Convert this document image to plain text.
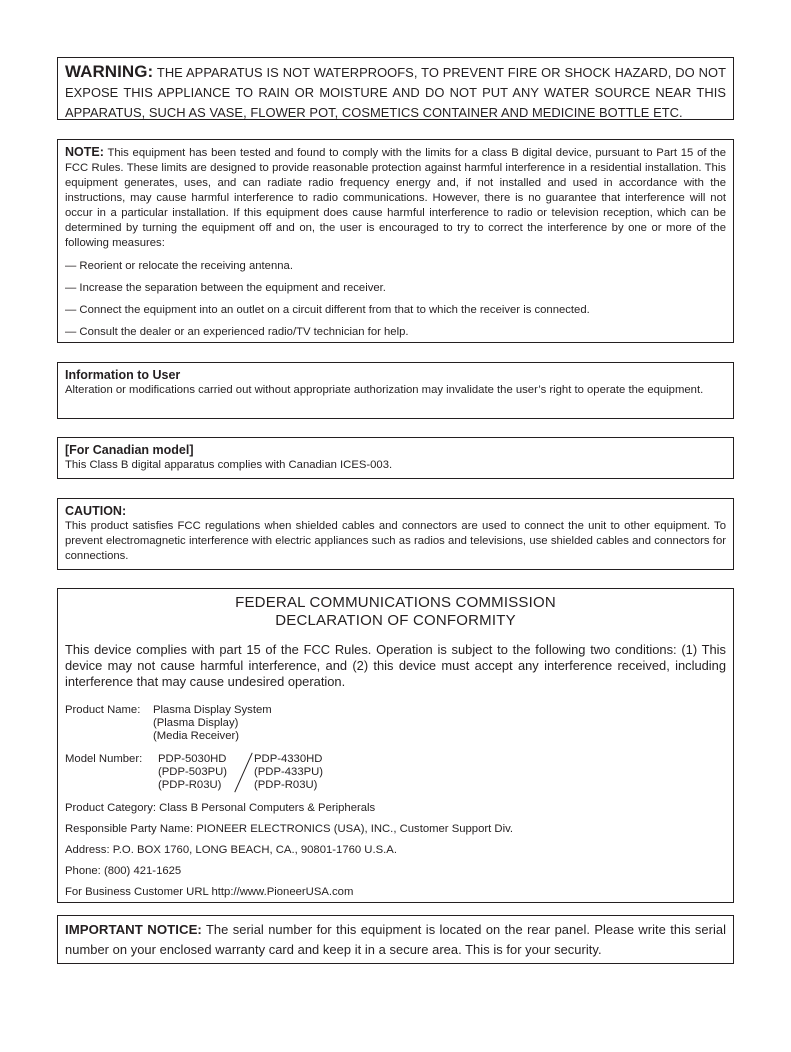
WARNING: THE APPARATUS IS NOT WATERPROOFS, TO PREVENT FIRE OR SHOCK HAZARD, DO NOT EXPOSE THIS APPLIANCE TO RAIN OR MOISTURE AND DO NOT PUT ANY WATER SOURCE NEAR THIS APPARATUS, SUCH AS VASE, FLOWER POT, COSMETICS CONTAINER AND MEDICINE BOTTLE ETC.

NOTE: This equipment has been tested and found to comply with the limits for a class B digital device, pursuant to Part 15 of the FCC Rules. These limits are designed to provide reasonable protection against harmful interference in a residential installation. This equipment generates, uses, and can radiate radio frequency energy and, if not installed and used in accordance with the instructions, may cause harmful interference to radio communications. However, there is no guarantee that interference will not occur in a particular installation. If this equipment does cause harmful interference to radio or television reception, which can be determined by turning the equipment off and on, the user is encouraged to try to correct the interference by one or more of the following measures:

— Reorient or relocate the receiving antenna.

— Increase the separation between the equipment and receiver.

— Connect the equipment into an outlet on a circuit different from that to which the receiver is connected.

— Consult the dealer or an experienced radio/TV technician for help.

Information to User

Alteration or modifications carried out without appropriate authorization may invalidate the user’s right to operate the equipment.

[For Canadian model]

This Class B digital apparatus complies with Canadian ICES-003.

CAUTION:

This product satisfies FCC regulations when shielded cables and connectors are used to connect the unit to other equipment. To prevent electromagnetic interference with electric appliances such as radios and televisions, use shielded cables and connectors for connections.

FEDERAL COMMUNICATIONS COMMISSION

DECLARATION OF CONFORMITY

This device complies with part 15 of the FCC Rules. Operation is subject to the following two conditions: (1) This device may not cause harmful interference, and (2) this device must accept any interference received, including interference that may cause undesired operation.

Product Name: Plasma Display System
(Plasma Display)
(Media Receiver)
Model Number: PDP-5030HD
(PDP-503PU)
(PDP-R03U)
PDP-4330HD
(PDP-433PU)
(PDP-R03U)

Product Category: Class B Personal Computers & Peripherals

Responsible Party Name: PIONEER ELECTRONICS (USA), INC., Customer Support Div.

Address: P.O. BOX 1760, LONG BEACH, CA., 90801-1760 U.S.A.

Phone: (800) 421-1625

For Business Customer URL http://www.PioneerUSA.com

IMPORTANT NOTICE: The serial number for this equipment is located on the rear panel. Please write this serial number on your enclosed warranty card and keep it in a secure area. This is for your security.
